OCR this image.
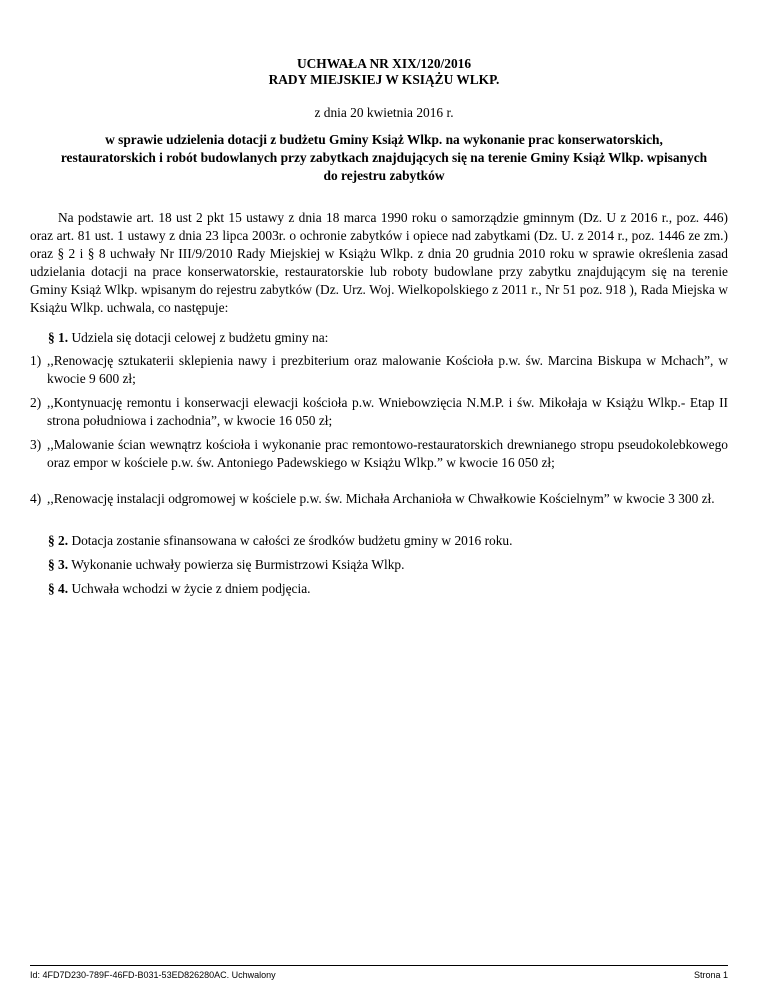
UCHWAŁA NR XIX/120/2016
RADY MIEJSKIEJ W KSIĄŻU WLKP.
z dnia 20 kwietnia 2016 r.
w sprawie udzielenia dotacji z budżetu Gminy Książ Wlkp. na wykonanie prac konserwatorskich, restauratorskich i robót budowlanych przy zabytkach znajdujących się na terenie Gminy Książ Wlkp. wpisanych do rejestru zabytków

Na podstawie art. 18 ust 2 pkt 15 ustawy z dnia 18 marca 1990 roku o samorządzie gminnym (Dz. U z 2016 r., poz. 446) oraz art. 81 ust. 1 ustawy z dnia 23 lipca 2003r. o ochronie zabytków i opiece nad zabytkami (Dz. U. z 2014 r., poz. 1446 ze zm.) oraz § 2 i § 8 uchwały Nr III/9/2010 Rady Miejskiej w Książu Wlkp. z dnia 20 grudnia 2010 roku w sprawie określenia zasad udzielania dotacji na prace konserwatorskie, restauratorskie lub roboty budowlane przy zabytku znajdującym się na terenie Gminy Książ Wlkp. wpisanym do rejestru zabytków (Dz. Urz. Woj. Wielkopolskiego z 2011 r., Nr 51 poz. 918 ), Rada Miejska w Książu Wlkp. uchwala, co następuje:

§ 1. Udziela się dotacji celowej z budżetu gminy na:

1) ,,Renowację sztukaterii sklepienia nawy i prezbiterium oraz malowanie Kościoła p.w. św. Marcina Biskupa w Mchach”, w kwocie 9 600 zł;
2) ,,Kontynuację remontu i konserwacji elewacji kościoła p.w. Wniebowzięcia N.M.P. i św. Mikołaja w Książu Wlkp.- Etap II strona południowa i zachodnia”, w kwocie 16 050 zł;
3) ,,Malowanie ścian wewnątrz kościoła i wykonanie prac remontowo-restauratorskich drewnianego stropu pseudokolebkowego oraz empor w kościele p.w. św. Antoniego Padewskiego w Książu Wlkp.” w kwocie 16 050 zł;
4) ,,Renowację instalacji odgromowej w kościele p.w. św. Michała Archanioła w Chwałkowie Kościelnym” w kwocie 3 300 zł.

§ 2. Dotacja zostanie sfinansowana w całości ze środków budżetu gminy w 2016 roku.

§ 3. Wykonanie uchwały powierza się Burmistrzowi Książa Wlkp.

§ 4. Uchwała wchodzi w życie z dniem podjęcia.

Id: 4FD7D230-789F-46FD-B031-53ED826280AC. Uchwalony	Strona 1
